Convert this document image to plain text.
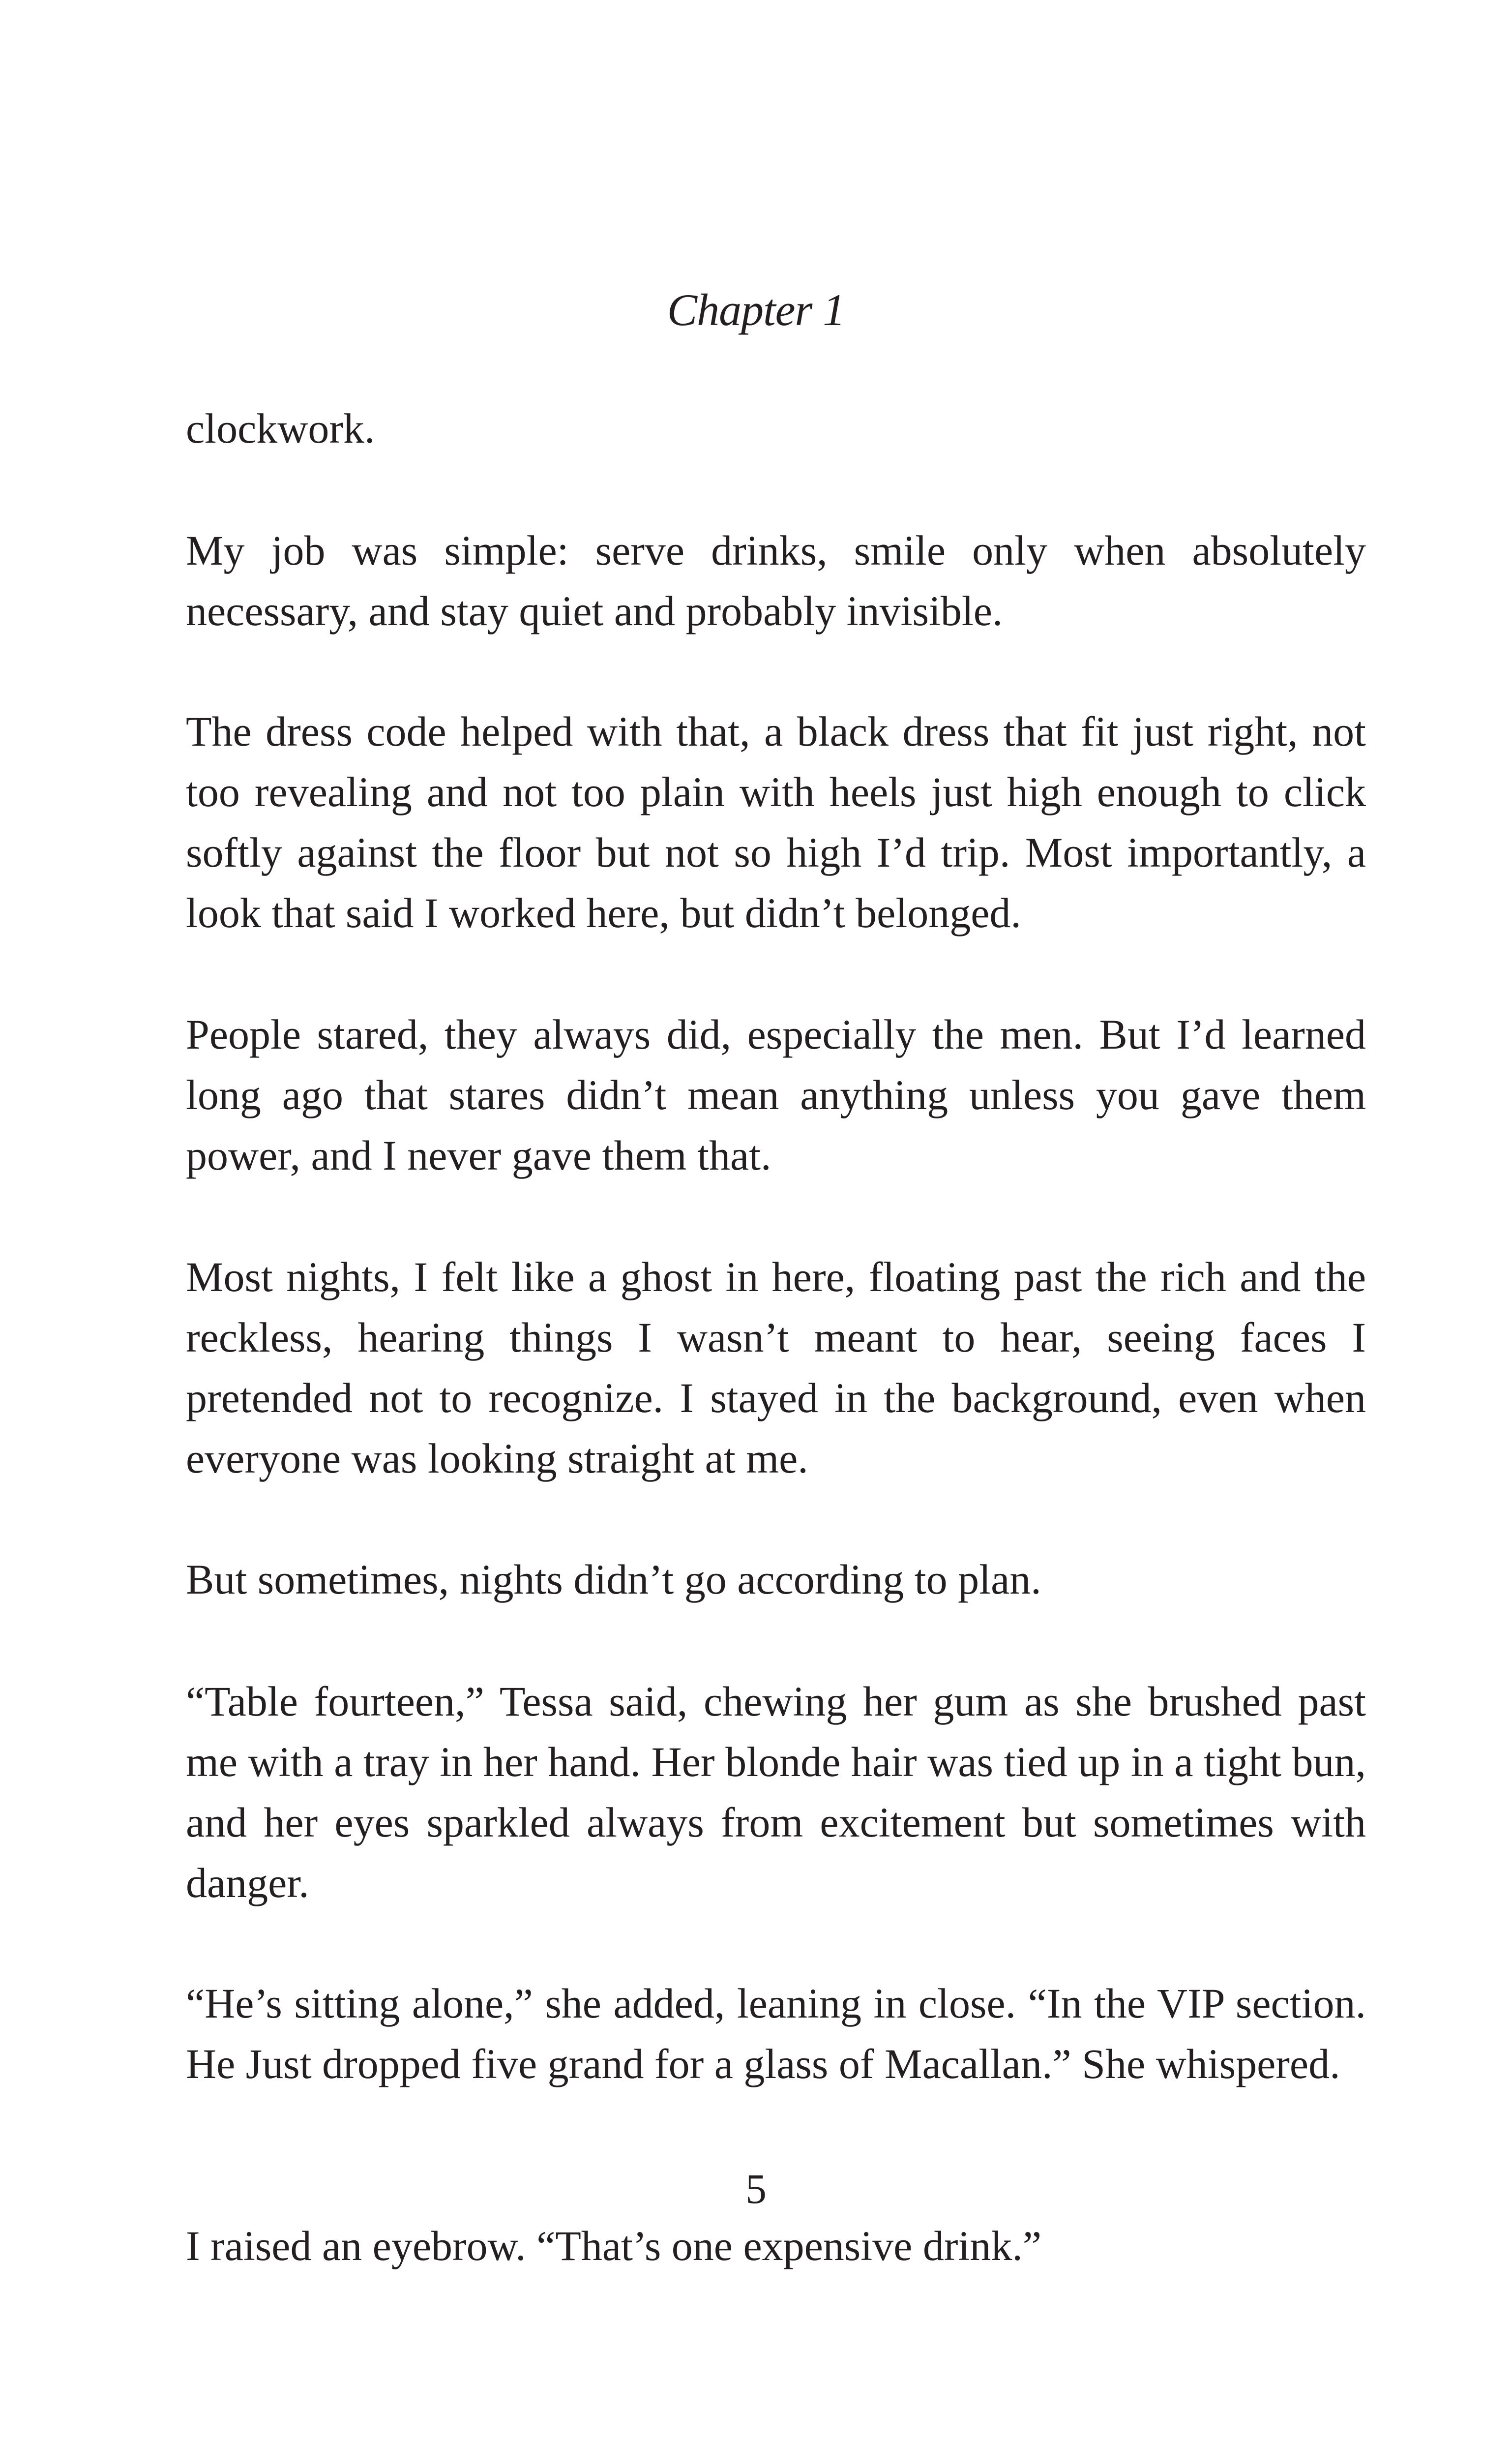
Chapter 1

clockwork.

My job was simple: serve drinks, smile only when absolutely necessary, and stay quiet and probably invisible.

The dress code helped with that, a black dress that fit just right, not too revealing and not too plain with heels just high enough to click softly against the floor but not so high I’d trip. Most importantly, a look that said I worked here, but didn’t belonged.

People stared, they always did, especially the men. But I’d learned long ago that stares didn’t mean anything unless you gave them power, and I never gave them that.

Most nights, I felt like a ghost in here, floating past the rich and the reckless, hearing things I wasn’t meant to hear, seeing faces I pretended not to recognize. I stayed in the background, even when everyone was looking straight at me.

But sometimes, nights didn’t go according to plan.

“Table fourteen,” Tessa said, chewing her gum as she brushed past me with a tray in her hand. Her blonde hair was tied up in a tight bun, and her eyes sparkled always from excitement but sometimes with danger.

“He’s sitting alone,” she added, leaning in close. “In the VIP section. He Just dropped five grand for a glass of Macallan.” She whispered.

5

I raised an eyebrow. “That’s one expensive drink.”
